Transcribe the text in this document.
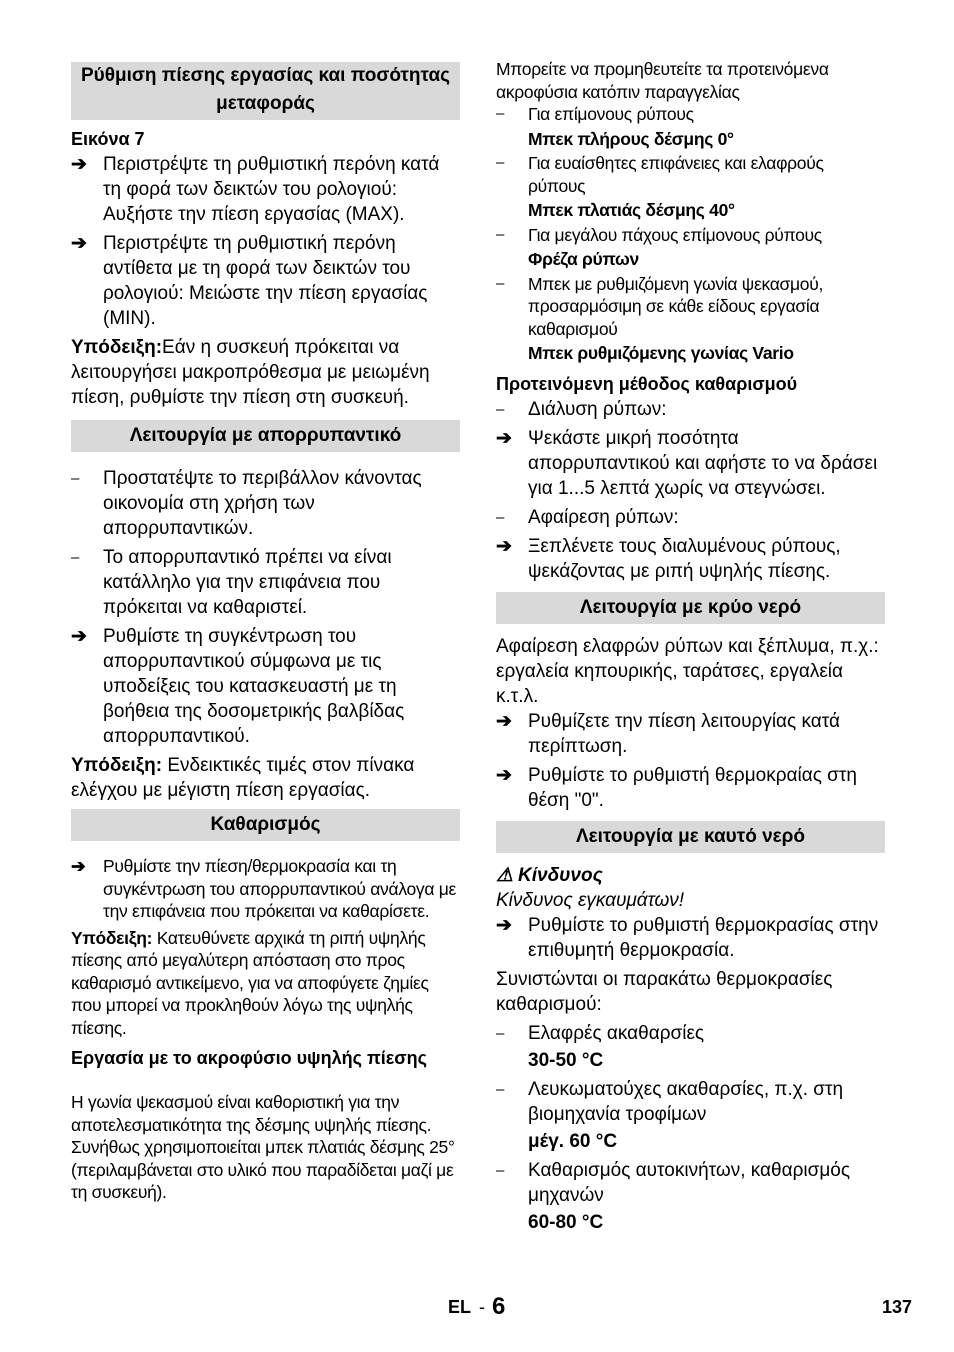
Ρύθμιση πίεσης εργασίας και ποσότητας μεταφοράς
Εικόνα 7
➔ Περιστρέψτε τη ρυθμιστική περόνη κατά τη φορά των δεικτών του ρολογιού: Αυξήστε την πίεση εργασίας (MAX).
➔ Περιστρέψτε τη ρυθμιστική περόνη αντίθετα με τη φορά των δεικτών του ρολογιού: Μειώστε την πίεση εργασίας (MIN).

Υπόδειξη:Εάν η συσκευή πρόκειται να λειτουργήσει μακροπρόθεσμα με μειωμένη πίεση, ρυθμίστε την πίεση στη συσκευή.

Λειτουργία με απορρυπαντικό
–	Προστατέψτε το περιβάλλον κάνοντας οικονομία στη χρήση των απορρυπαντικών.
–	Το απορρυπαντικό πρέπει να είναι κατάλληλο για την επιφάνεια που πρόκειται να καθαριστεί.
➔ Ρυθμίστε τη συγκέντρωση του απορρυπαντικού σύμφωνα με τις υποδείξεις του κατασκευαστή με τη βοήθεια της δοσομετρικής βαλβίδας απορρυπαντικού.

Υπόδειξη: Ενδεικτικές τιμές στον πίνακα ελέγχου με μέγιστη πίεση εργασίας.

Καθαρισμός
➔	Ρυθμίστε την πίεση/θερμοκρασία και τη συγκέντρωση του απορρυπαντικού ανάλογα με την επιφάνεια που πρόκειται να καθαρίσετε.

Υπόδειξη: Κατευθύνετε αρχικά τη ριπή υψηλής πίεσης από μεγαλύτερη απόσταση στο προς καθαρισμό αντικείμενο, για να αποφύγετε ζημίες που μπορεί να προκληθούν λόγω της υψηλής πίεσης.

Εργασία με το ακροφύσιο υψηλής πίεσης

Η γωνία ψεκασμού είναι καθοριστική για την αποτελεσματικότητα της δέσμης υψηλής πίεσης. Συνήθως χρησιμοποιείται μπεκ πλατιάς δέσμης 25° (περιλαμβάνεται στο υλικό που παραδίδεται μαζί με τη συσκευή).

Μπορείτε να προμηθευτείτε τα προτεινόμενα ακροφύσια κατόπιν παραγγελίας

–	Για επίμονους ρύπους

Μπεκ πλήρους δέσμης 0°

–	Για ευαίσθητες επιφάνειες και ελαφρούς ρύπους

Μπεκ πλατιάς δέσμης 40°

–	Για μεγάλου πάχους επίμονους ρύπους

Φρέζα ρύπων

–	Μπεκ με ρυθμιζόμενη γωνία ψεκασμού, προσαρμόσιμη σε κάθε είδους εργασία καθαρισμού

Μπεκ ρυθμιζόμενης γωνίας Vario

Προτεινόμενη μέθοδος καθαρισμού
–	Διάλυση ρύπων:
➔ Ψεκάστε μικρή ποσότητα απορρυπαντικού και αφήστε το να δράσει για 1...5 λεπτά χωρίς να στεγνώσει.
–	Αφαίρεση ρύπων:
➔ Ξεπλένετε τους διαλυμένους ρύπους, ψεκάζοντας με ριπή υψηλής πίεσης.
Λειτουργία με κρύο νερό

Αφαίρεση ελαφρών ρύπων και ξέπλυμα, π.χ.: εργαλεία κηπουρικής, ταράτσες, εργαλεία κ.τ.λ.

➔ Ρυθμίζετε την πίεση λειτουργίας κατά περίπτωση.
➔ Ρυθμίστε το ρυθμιστή θερμοκραίας στη θέση "0".
Λειτουργία με καυτό νερό

⚠ Κίνδυνος

Κίνδυνος εγκαυμάτων!

➔ Ρυθμίστε το ρυθμιστή θερμοκρασίας στην επιθυμητή θερμοκρασία.

Συνιστώνται οι παρακάτω θερμοκρασίες καθαρισμού:

–	Ελαφρές ακαθαρσίες

30-50 °C

–	Λευκωματούχες ακαθαρσίες, π.χ. στη βιομηχανία τροφίμων

μέγ. 60 °C

–	Καθαρισμός αυτοκινήτων, καθαρισμός μηχανών

60-80 °C

EL - 6	137
